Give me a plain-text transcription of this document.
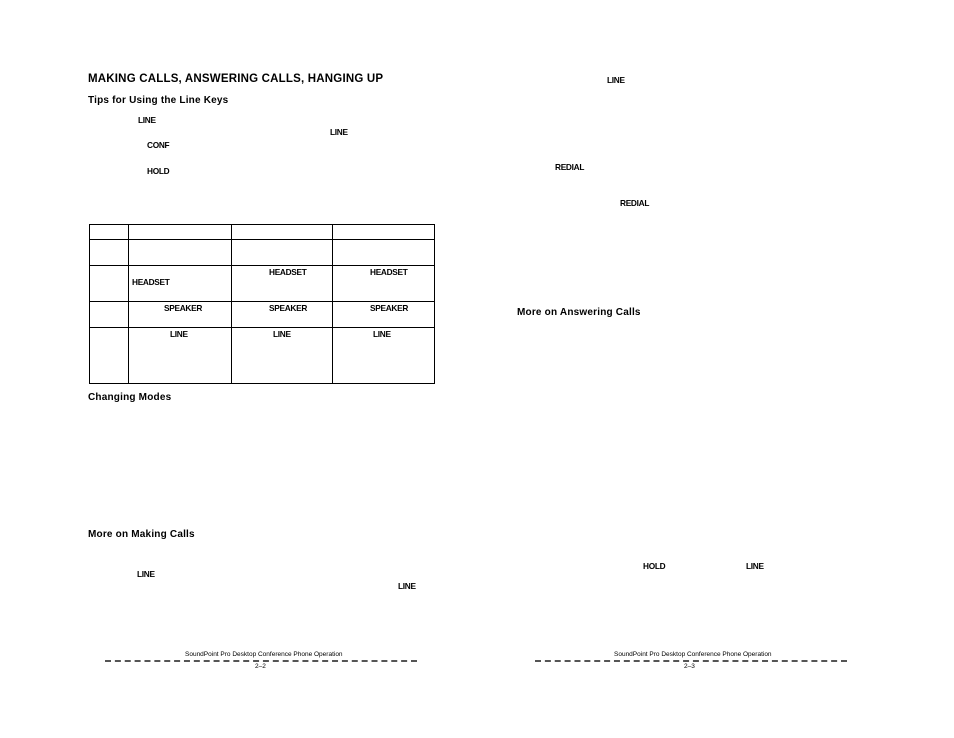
MAKING CALLS, ANSWERING CALLS, HANGING UP
Tips for Using the Line Keys
LINE
LINE
CONF
HOLD

	HEADSET	HEADSET	HEADSET

	SPEAKER	SPEAKER	SPEAKER

	LINE	LINE	LINE
Changing Modes
More on Making Calls
LINE
LINE
SoundPoint Pro Desktop Conference Phone Operation
2–2
LINE
REDIAL
REDIAL
More on Answering Calls
HOLD	LINE
SoundPoint Pro Desktop Conference Phone Operation
2–3
